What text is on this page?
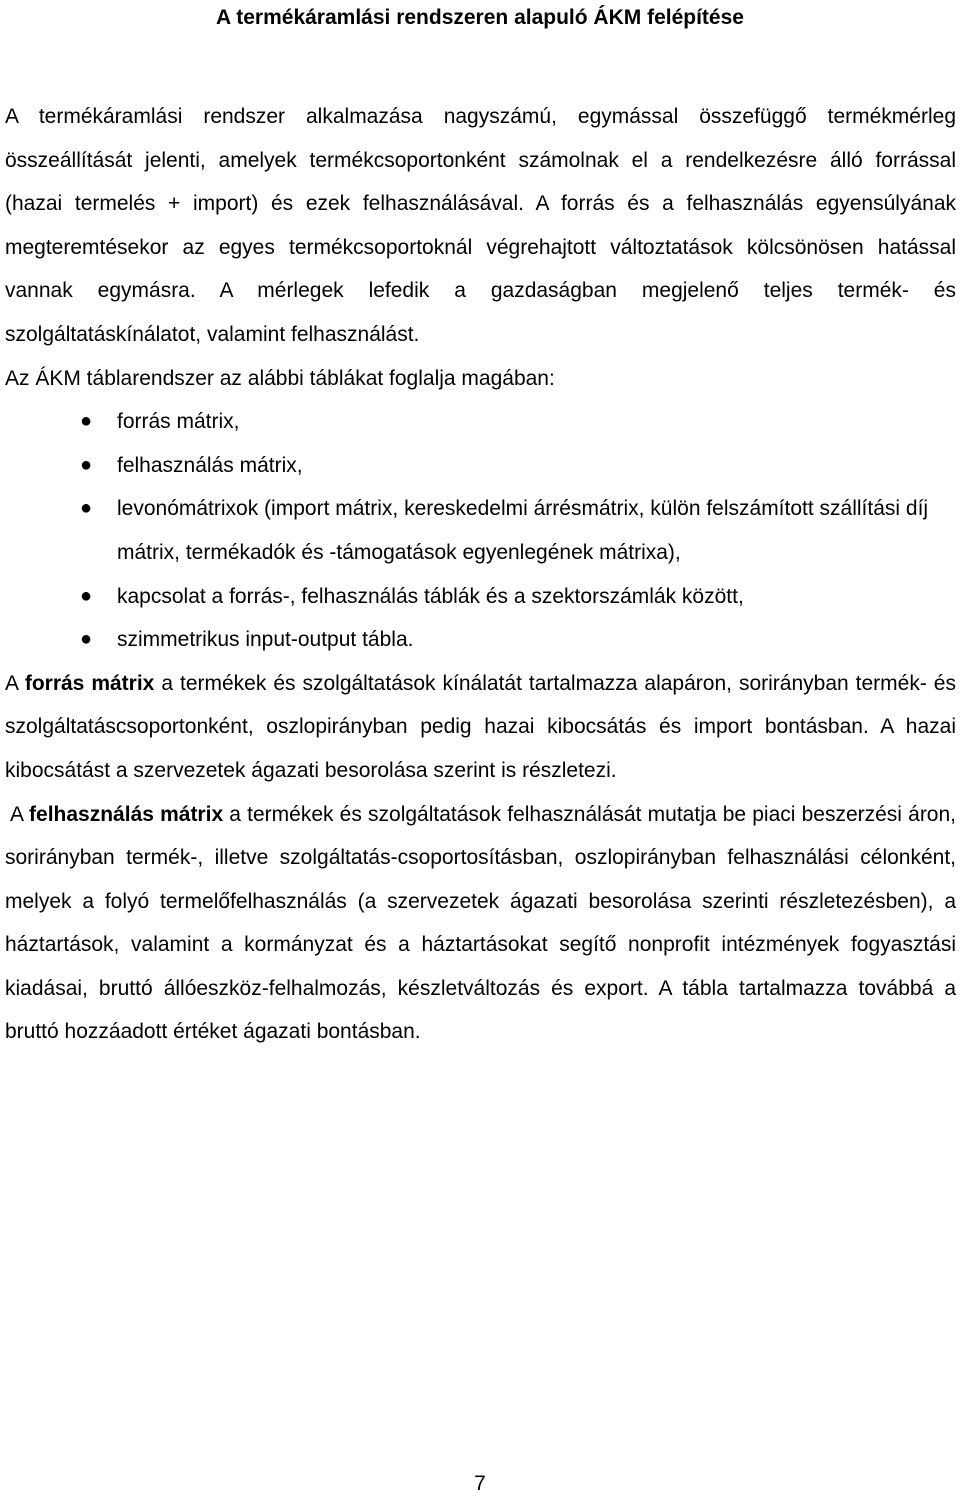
A termékáramlási rendszeren alapuló ÁKM felépítése

A termékáramlási rendszer alkalmazása nagyszámú, egymással összefüggő termékmérleg összeállítását jelenti, amelyek termékcsoportonként számolnak el a rendelkezésre álló forrással (hazai termelés + import) és ezek felhasználásával. A forrás és a felhasználás egyensúlyának megteremtésekor az egyes termékcsoportoknál végrehajtott változtatások kölcsönösen hatással vannak egymásra. A mérlegek lefedik a gazdaságban megjelenő teljes termék- és szolgáltatáskínálatot, valamint felhasználást.

Az ÁKM táblarendszer az alábbi táblákat foglalja magában:

● forrás mátrix,
● felhasználás mátrix,
● levonómátrixok (import mátrix, kereskedelmi árrésmátrix, külön felszámított szállítási díj mátrix, termékadók és -támogatások egyenlegének mátrixa),
● kapcsolat a forrás-, felhasználás táblák és a szektorszámlák között,
● szimmetrikus input-output tábla.

A forrás mátrix a termékek és szolgáltatások kínálatát tartalmazza alapáron, sorirányban termék- és szolgáltatáscsoportonként, oszlopirányban pedig hazai kibocsátás és import bontásban. A hazai kibocsátást a szervezetek ágazati besorolása szerint is részletezi.

A felhasználás mátrix a termékek és szolgáltatások felhasználását mutatja be piaci beszerzési áron, sorirányban termék-, illetve szolgáltatás-csoportosításban, oszlopirányban felhasználási célonként, melyek a folyó termelőfelhasználás (a szervezetek ágazati besorolása szerinti részletezésben), a háztartások, valamint a kormányzat és a háztartásokat segítő nonprofit intézmények fogyasztási kiadásai, bruttó állóeszköz-felhalmozás, készletváltozás és export. A tábla tartalmazza továbbá a bruttó hozzáadott értéket ágazati bontásban.

7
